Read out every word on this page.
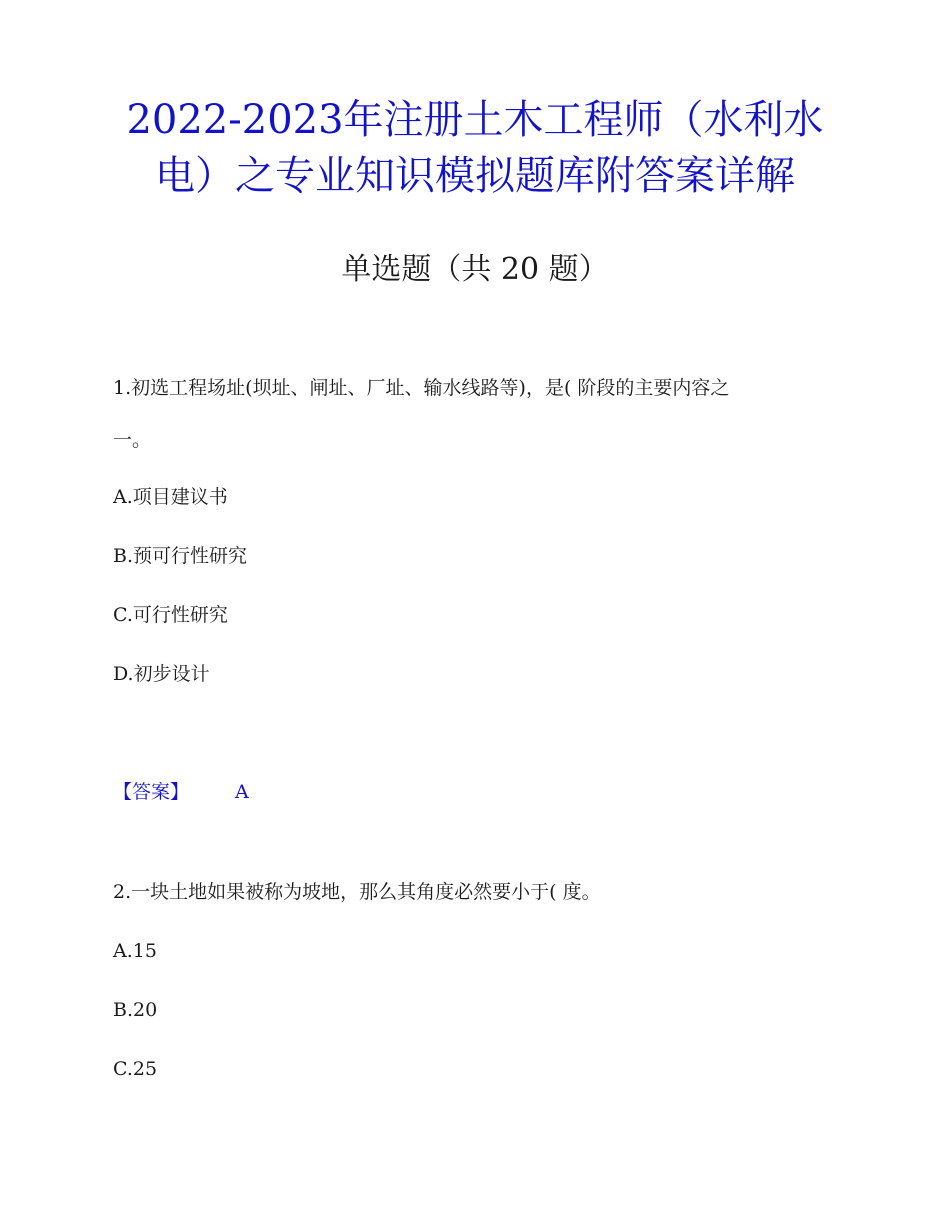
2022-2023年注册土木工程师（水利水
电）之专业知识模拟题库附答案详解
单选题（共 20 题）
1.初选工程场址(坝址、闸址、厂址、输水线路等)，是( 阶段的主要内容之
一。
A.项目建议书
B.预可行性研究
C.可行性研究
D.初步设计
【答案】 A
2.一块土地如果被称为坡地，那么其角度必然要小于( 度。
A.15
B.20
C.25
